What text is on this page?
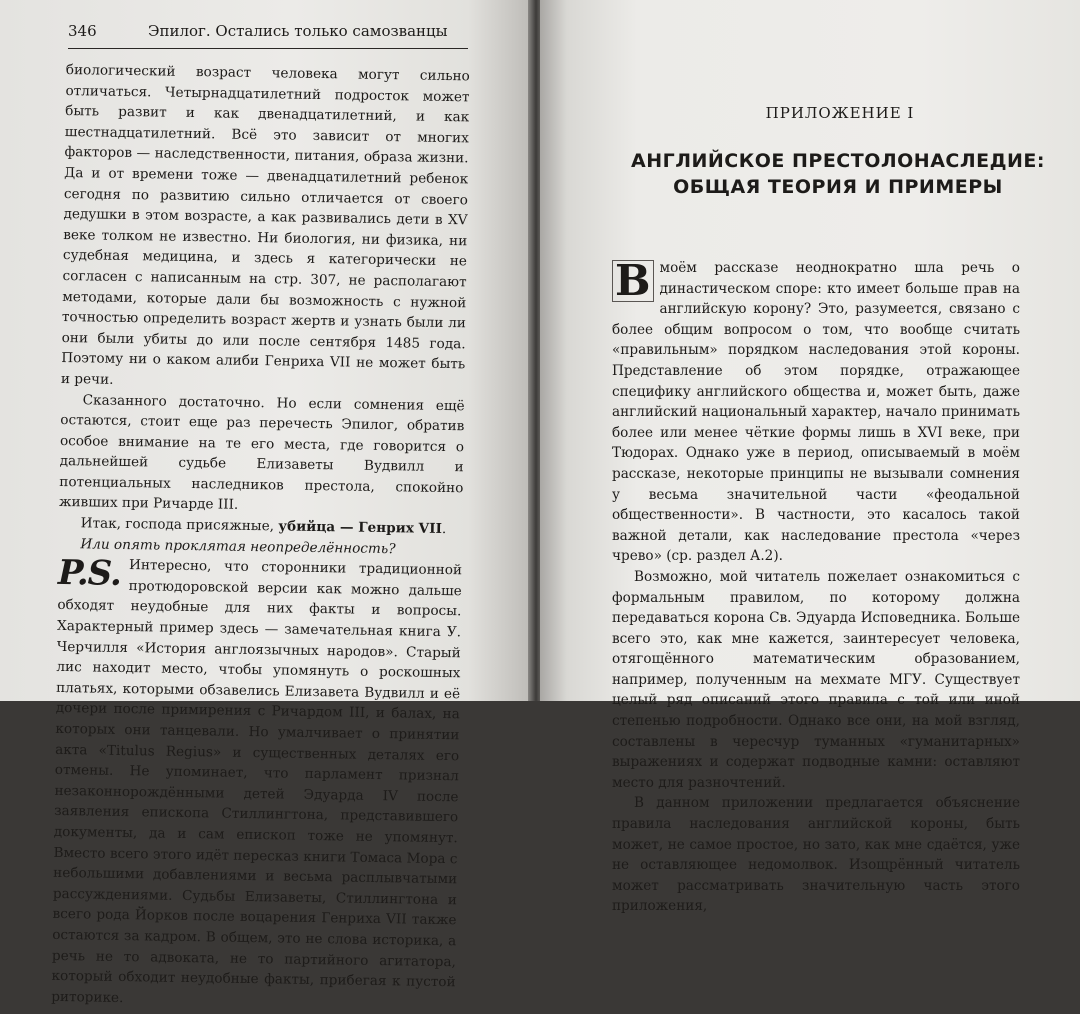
346	Эпилог. Остались только самозванцы

биологический возраст человека могут сильно отличаться. Четырнадцатилетний подросток может быть развит и как двенадцатилетний, и как шестнадцатилетний. Всё это зависит от многих факторов — наследственности, питания, образа жизни. Да и от времени тоже — двенадцатилетний ребенок сегодня по развитию сильно отличается от своего дедушки в этом возрасте, а как развивались дети в XV веке толком не известно. Ни биология, ни физика, ни судебная медицина, и здесь я категорически не согласен с написанным на стр. 307, не располагают методами, которые дали бы возможность с нужной точностью определить возраст жертв и узнать были ли они были убиты до или после сентября 1485 года. Поэтому ни о каком алиби Генриха VII не может быть и речи.

Сказанного достаточно. Но если сомнения ещё остаются, стоит еще раз перечесть Эпилог, обратив особое внимание на те его места, где говорится о дальнейшей судьбе Елизаветы Вудвилл и потенциальных наследников престола, спокойно живших при Ричарде III.

Итак, господа присяжные, убийца — Генрих VII.

Или опять проклятая неопределённость?

P.S. Интересно, что сторонники традиционной протюдоровской версии как можно дальше обходят неудобные для них факты и вопросы. Характерный пример здесь — замечательная книга У. Черчилля «История англоязычных народов». Старый лис находит место, чтобы упомянуть о роскошных платьях, которыми обзавелись Елизавета Вудвилл и её дочери после примирения с Ричардом III, и балах, на которых они танцевали. Но умалчивает о принятии акта «Titulus Regius» и существенных деталях его отмены. Не упоминает, что парламент признал незаконнорождёнными детей Эдуарда IV после заявления епископа Стиллингтона, представившего документы, да и сам епископ тоже не упомянут. Вместо всего этого идёт пересказ книги Томаса Мора с небольшими добавлениями и весьма расплывчатыми рассуждениями. Судьбы Елизаветы, Стиллингтона и всего рода Йорков после воцарения Генриха VII также остаются за кадром. В общем, это не слова историка, а речь не то адвоката, не то партийного агитатора, который обходит неудобные факты, прибегая к пустой риторике.

ПРИЛОЖЕНИЕ I
АНГЛИЙСКОЕ ПРЕСТОЛОНАСЛЕДИЕ:
ОБЩАЯ ТЕОРИЯ И ПРИМЕРЫ

В моём рассказе неоднократно шла речь о династическом споре: кто имеет больше прав на английскую корону? Это, разумеется, связано с более общим вопросом о том, что вообще считать «правильным» порядком наследования этой короны. Представление об этом порядке, отражающее специфику английского общества и, может быть, даже английский национальный характер, начало принимать более или менее чёткие формы лишь в XVI веке, при Тюдорах. Однако уже в период, описываемый в моём рассказе, некоторые принципы не вызывали сомнения у весьма значительной части «феодальной общественности». В частности, это касалось такой важной детали, как наследование престола «через чрево» (ср. раздел А.2).

Возможно, мой читатель пожелает ознакомиться с формальным правилом, по которому должна передаваться корона Св. Эдуарда Исповедника. Больше всего это, как мне кажется, заинтересует человека, отягощённого математическим образованием, например, полученным на мехмате МГУ. Существует целый ряд описаний этого правила с той или иной степенью подробности. Однако все они, на мой взгляд, составлены в чересчур туманных «гуманитарных» выражениях и содержат подводные камни: оставляют место для разночтений.

В данном приложении предлагается объяснение правила наследования английской короны, быть может, не самое простое, но зато, как мне сдаётся, уже не оставляющее недомолвок. Изощрённый читатель может рассматривать значительную часть этого приложения,
